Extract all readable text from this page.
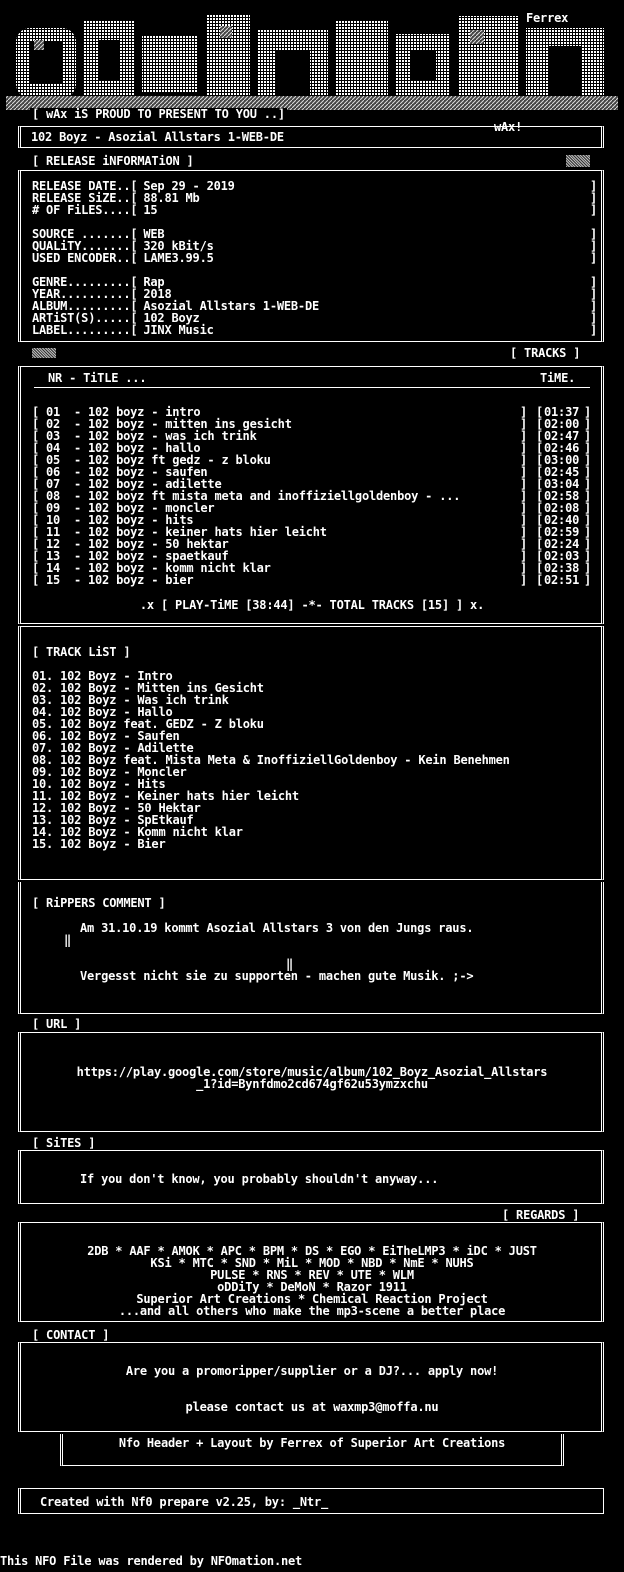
Ferrex
[ wAx iS PROUD TO PRESENT TO YOU ..]
wAx!
102 Boyz - Asozial Allstars 1-WEB-DE
[ RELEASE iNFORMATiON ]
RELEASE DATE..[ Sep 29 - 2019	]
RELEASE SiZE..[ 88.81 Mb	]
# OF FiLES....[ 15	]
SOURCE .......[ WEB	]
QUALiTY.......[ 320 kBit/s	]
USED ENCODER..[ LAME3.99.5	]
GENRE.........[ Rap	]
YEAR..........[ 2018	]
ALBUM.........[ Asozial Allstars 1-WEB-DE	]
ARTiST(S).....[ 102 Boyz	]
LABEL.........[ JINX Music	]
[ TRACKS ]
NR - TiTLE ...	TiME.
[ 01 - 102 boyz - intro	] [ 01:37 ]
[ 02 - 102 boyz - mitten ins gesicht	] [ 02:00 ]
[ 03 - 102 boyz - was ich trink	] [ 02:47 ]
[ 04 - 102 boyz - hallo	] [ 02:46 ]
[ 05 - 102 boyz ft gedz - z bloku	] [ 03:00 ]
[ 06 - 102 boyz - saufen	] [ 02:45 ]
[ 07 - 102 boyz - adilette	] [ 03:04 ]
[ 08 - 102 boyz ft mista meta and inoffiziellgoldenboy - ...	] [ 02:58 ]
[ 09 - 102 boyz - moncler	] [ 02:08 ]
[ 10 - 102 boyz - hits	] [ 02:40 ]
[ 11 - 102 boyz - keiner hats hier leicht	] [ 02:59 ]
[ 12 - 102 boyz - 50 hektar	] [ 02:24 ]
[ 13 - 102 boyz - spaetkauf	] [ 02:03 ]
[ 14 - 102 boyz - komm nicht klar	] [ 02:38 ]
[ 15 - 102 boyz - bier	] [ 02:51 ]
.x [ PLAY-TiME [38:44] -*- TOTAL TRACKS [15] ] x.
[ TRACK LiST ]
01. 102 Boyz - Intro
02. 102 Boyz - Mitten ins Gesicht
03. 102 Boyz - Was ich trink
04. 102 Boyz - Hallo
05. 102 Boyz feat. GEDZ - Z bloku
06. 102 Boyz - Saufen
07. 102 Boyz - Adilette
08. 102 Boyz feat. Mista Meta & InoffiziellGoldenboy - Kein Benehmen
09. 102 Boyz - Moncler
10. 102 Boyz - Hits
11. 102 Boyz - Keiner hats hier leicht
12. 102 Boyz - 50 Hektar
13. 102 Boyz - SpEtkauf
14. 102 Boyz - Komm nicht klar
15. 102 Boyz - Bier
[ RiPPERS COMMENT ]
Am 31.10.19 kommt Asozial Allstars 3 von den Jungs raus.
‖
‖
Vergesst nicht sie zu supporten - machen gute Musik. ;->
[ URL ]
https://play.google.com/store/music/album/102_Boyz_Asozial_Allstars
_1?id=Bynfdmo2cd674gf62u53ymzxchu
[ SiTES ]
If you don't know, you probably shouldn't anyway...
[ REGARDS ]
2DB * AAF * AMOK * APC * BPM * DS * EGO * EiTheLMP3 * iDC * JUST
KSi * MTC * SND * MiL * MOD * NBD * NmE * NUHS
PULSE * RNS * REV * UTE * WLM
oDDiTy * DeMoN * Razor 1911
Superior Art Creations * Chemical Reaction Project
...and all others who make the mp3-scene a better place
[ CONTACT ]
Are you a promoripper/supplier or a DJ?... apply now!
please contact us at waxmp3@moffa.nu
Nfo Header + Layout by Ferrex of Superior Art Creations
Created with Nf0 prepare v2.25, by: _Ntr_
This NFO File was rendered by NFOmation.net
